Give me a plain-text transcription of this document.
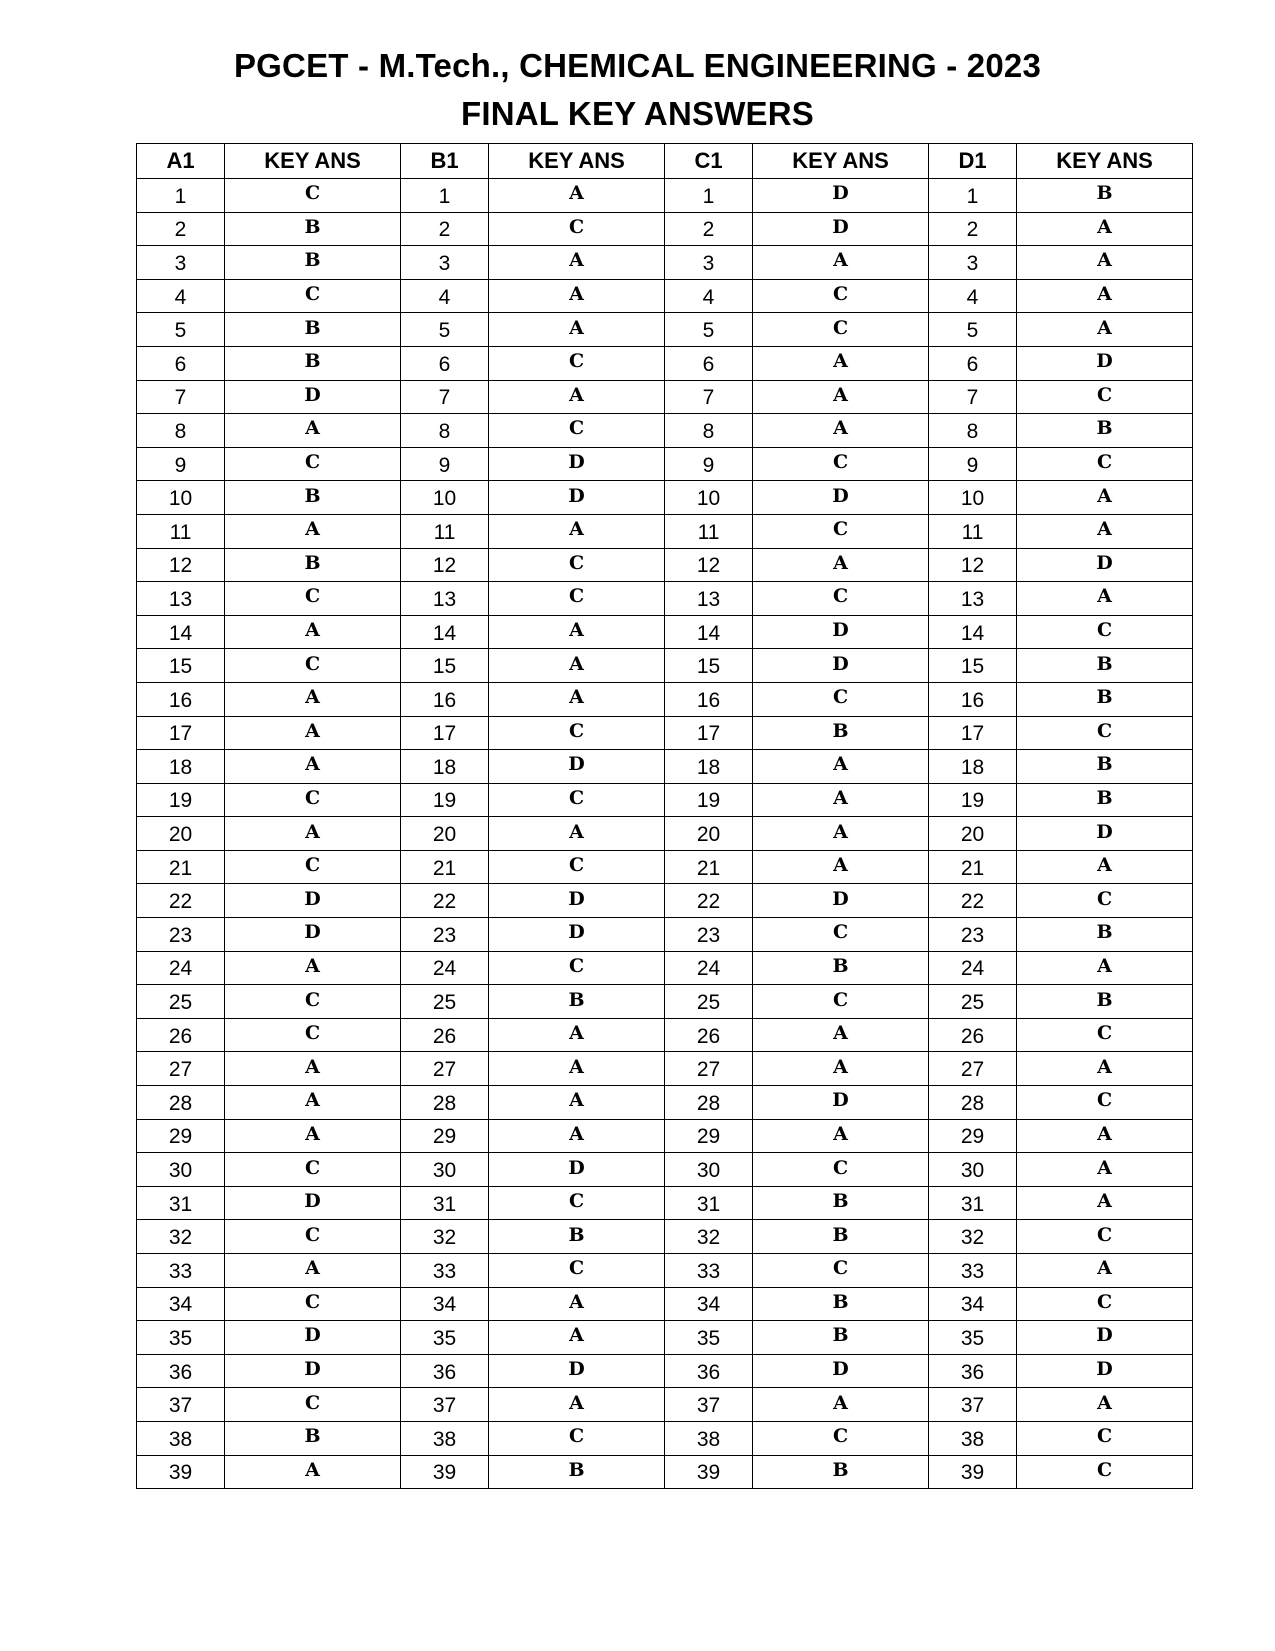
PGCET - M.Tech., CHEMICAL ENGINEERING - 2023
FINAL KEY ANSWERS
A1	KEY ANS	B1	KEY ANS	C1	KEY ANS	D1	KEY ANS
1	C	1	A	1	D	1	B
2	B	2	C	2	D	2	A
3	B	3	A	3	A	3	A
4	C	4	A	4	C	4	A
5	B	5	A	5	C	5	A
6	B	6	C	6	A	6	D
7	D	7	A	7	A	7	C
8	A	8	C	8	A	8	B
9	C	9	D	9	C	9	C
10	B	10	D	10	D	10	A
11	A	11	A	11	C	11	A
12	B	12	C	12	A	12	D
13	C	13	C	13	C	13	A
14	A	14	A	14	D	14	C
15	C	15	A	15	D	15	B
16	A	16	A	16	C	16	B
17	A	17	C	17	B	17	C
18	A	18	D	18	A	18	B
19	C	19	C	19	A	19	B
20	A	20	A	20	A	20	D
21	C	21	C	21	A	21	A
22	D	22	D	22	D	22	C
23	D	23	D	23	C	23	B
24	A	24	C	24	B	24	A
25	C	25	B	25	C	25	B
26	C	26	A	26	A	26	C
27	A	27	A	27	A	27	A
28	A	28	A	28	D	28	C
29	A	29	A	29	A	29	A
30	C	30	D	30	C	30	A
31	D	31	C	31	B	31	A
32	C	32	B	32	B	32	C
33	A	33	C	33	C	33	A
34	C	34	A	34	B	34	C
35	D	35	A	35	B	35	D
36	D	36	D	36	D	36	D
37	C	37	A	37	A	37	A
38	B	38	C	38	C	38	C
39	A	39	B	39	B	39	C
